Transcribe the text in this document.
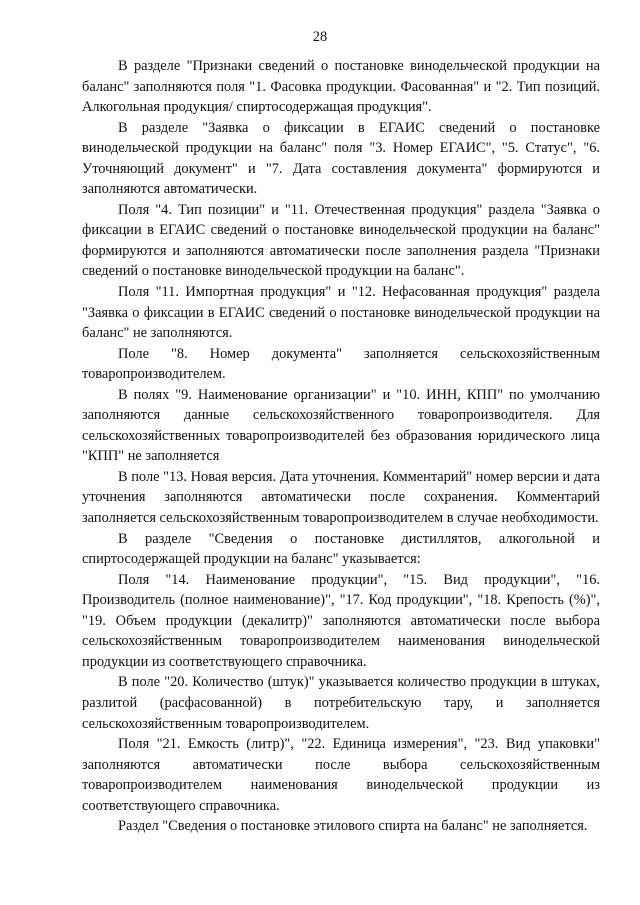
28

В разделе "Признаки сведений о постановке винодельческой продукции на баланс" заполняются поля "1. Фасовка продукции. Фасованная" и "2. Тип позиций. Алкогольная продукция/ спиртосодержащая продукция".

В разделе "Заявка о фиксации в ЕГАИС сведений о постановке винодельческой продукции на баланс" поля "3. Номер ЕГАИС", "5. Статус", "6. Уточняющий документ" и "7. Дата составления документа" формируются и заполняются автоматически.

Поля "4. Тип позиции" и "11. Отечественная продукция" раздела "Заявка о фиксации в ЕГАИС сведений о постановке винодельческой продукции на баланс" формируются и заполняются автоматически после заполнения раздела "Признаки сведений о постановке винодельческой продукции на баланс".

Поля "11. Импортная продукция" и "12. Нефасованная продукция" раздела "Заявка о фиксации в ЕГАИС сведений о постановке винодельческой продукции на баланс" не заполняются.

Поле "8. Номер документа" заполняется сельскохозяйственным товаропроизводителем.

В полях "9. Наименование организации" и "10. ИНН, КПП" по умолчанию заполняются данные сельскохозяйственного товаропроизводителя. Для сельскохозяйственных товаропроизводителей без образования юридического лица "КПП" не заполняется

В поле "13. Новая версия. Дата уточнения. Комментарий" номер версии и дата уточнения заполняются автоматически после сохранения. Комментарий заполняется сельскохозяйственным товаропроизводителем в случае необходимости.

В разделе "Сведения о постановке дистиллятов, алкогольной и спиртосодержащей продукции на баланс" указывается:

Поля "14. Наименование продукции", "15. Вид продукции", "16. Производитель (полное наименование)", "17. Код продукции", "18. Крепость (%)", "19. Объем продукции (декалитр)" заполняются автоматически после выбора сельскохозяйственным товаропроизводителем наименования винодельческой продукции из соответствующего справочника.

В поле "20. Количество (штук)" указывается количество продукции в штуках, разлитой (расфасованной) в потребительскую тару, и заполняется сельскохозяйственным товаропроизводителем.

Поля "21. Емкость (литр)", "22. Единица измерения", "23. Вид упаковки" заполняются автоматически после выбора сельскохозяйственным товаропроизводителем наименования винодельческой продукции из соответствующего справочника.

Раздел "Сведения о постановке этилового спирта на баланс" не заполняется.
